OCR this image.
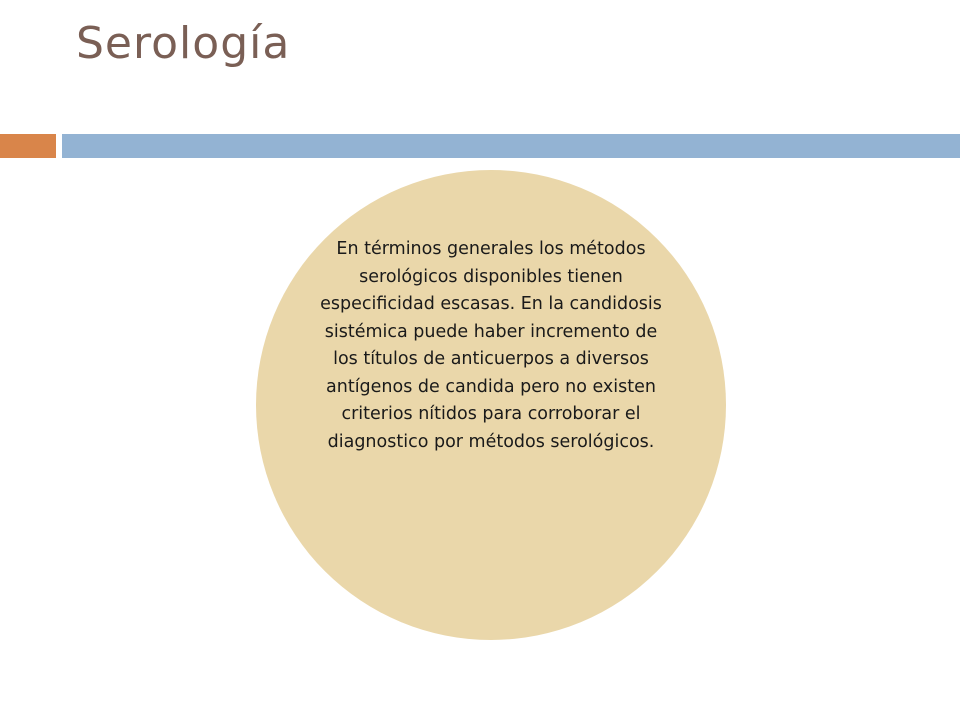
Serología

En términos generales los métodos serológicos disponibles tienen especificidad escasas. En la candidosis sistémica puede haber incremento de los títulos de anticuerpos a diversos antígenos de candida pero no existen criterios nítidos para corroborar el diagnostico por métodos serológicos.
